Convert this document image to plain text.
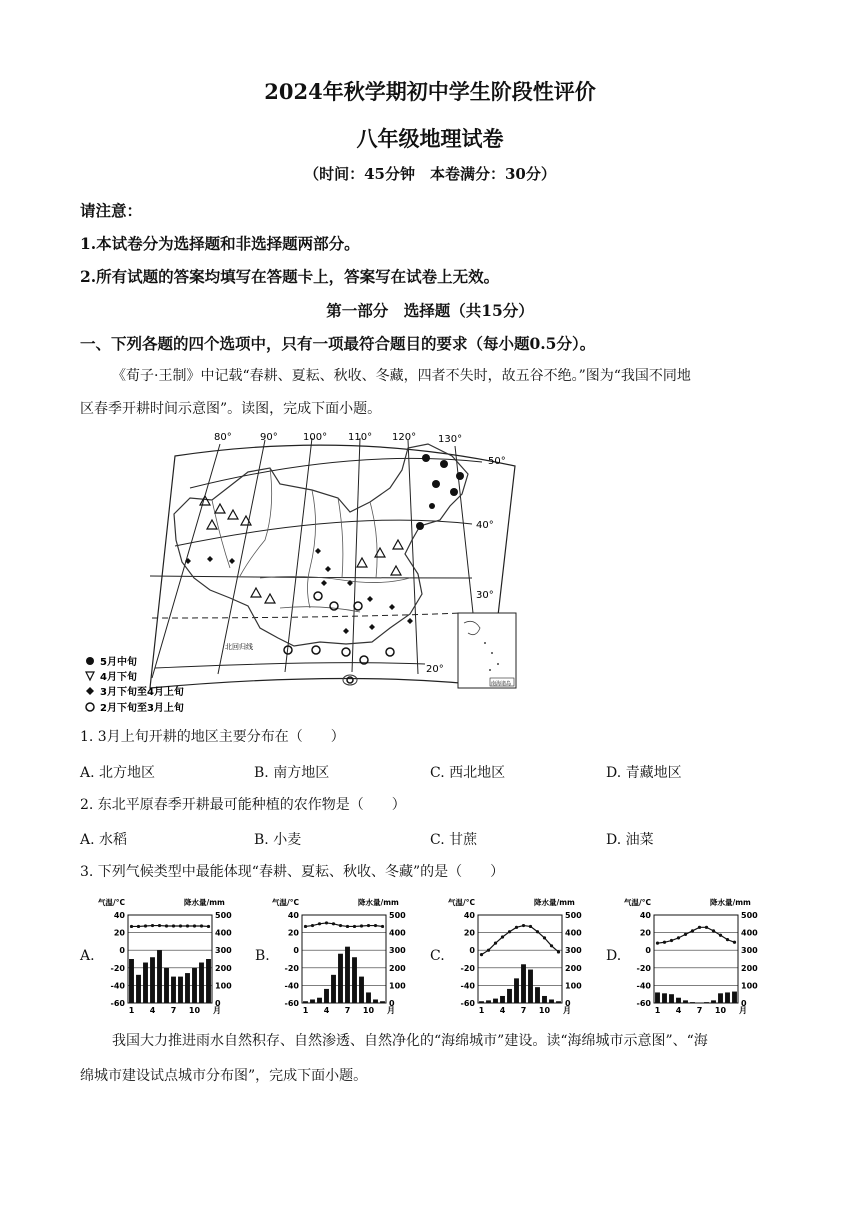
2024年秋学期初中学生阶段性评价
八年级地理试卷
（时间：45分钟　本卷满分：30分）
请注意：
1.本试卷分为选择题和非选择题两部分。
2.所有试题的答案均填写在答题卡上，答案写在试卷上无效。
第一部分　选择题（共15分）
一、下列各题的四个选项中，只有一项最符合题目的要求（每小题0.5分）。
《荀子·王制》中记载“春耕、夏耘、秋收、冬藏，四者不失时，故五谷不绝。”图为“我国不同地
区春季开耕时间示意图”。读图，完成下面小题。
80°	90°	100° 110° 120° 130°
50°
40°
30°
20°
北回归线
南海诸岛
5月中旬
4月下旬
3月下旬至4月上旬
2月下旬至3月上旬
1. 3月上旬开耕的地区主要分布在（　　）
A. 北方地区	B. 南方地区	C. 西北地区	D. 青藏地区
2. 东北平原春季开耕最可能种植的农作物是（　　）
A. 水稻	B. 小麦	C. 甘蔗	D. 油菜
3. 下列气候类型中最能体现“春耕、夏耘、秋收、冬藏”的是（　　）
A.	B.	C.	D.
气温/°C	降水量/mm
40	500
20	400
0	300
-20	200
-40	100
-60	0
1 4 7 10 月
气温/°C	降水量/mm
40	500
20	400
0	300
-20	200
-40	100
-60	0
1 4 7 10 月
气温/°C	降水量/mm
40	500
20	400
0	300
-20	200
-40	100
-60	0
1 4 7 10 月
气温/°C	降水量/mm
40	500
20	400
0	300
-20	200
-40	100
-60	0
1 4 7 10 月
我国大力推进雨水自然积存、自然渗透、自然净化的“海绵城市”建设。读“海绵城市示意图”、“海
绵城市建设试点城市分布图”，完成下面小题。
